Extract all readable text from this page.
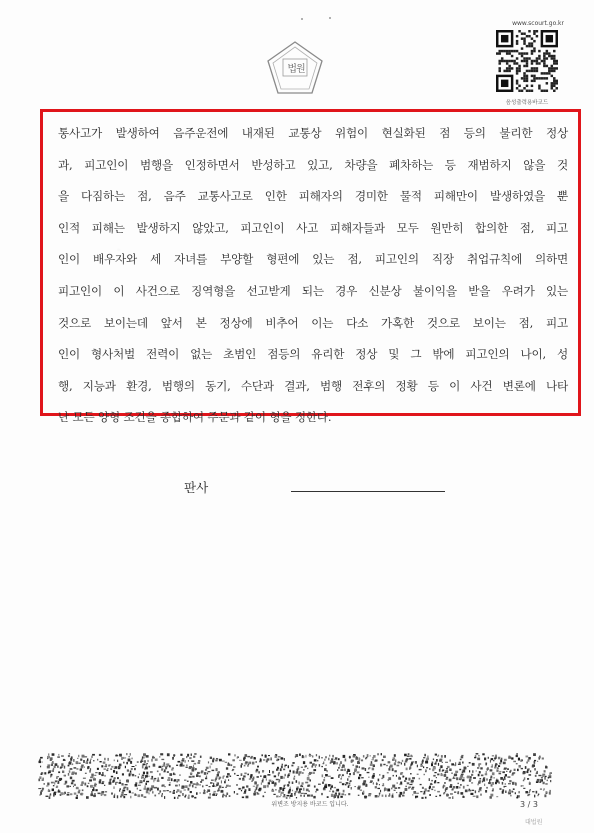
법원
www.scourt.go.kr
음성출력용바코드
통사고가 발생하여 음주운전에 내재된 교통상 위험이 현실화된 점 등의 불리한 정상
과, 피고인이 범행을 인정하면서 반성하고 있고, 차량을 폐차하는 등 재범하지 않을 것
을 다짐하는 점, 음주 교통사고로 인한 피해자의 경미한 물적 피해만이 발생하였을 뿐
인적 피해는 발생하지 않았고, 피고인이 사고 피해자들과 모두 원만히 합의한 점, 피고
인이 배우자와 세 자녀를 부양할 형편에 있는 점, 피고인의 직장 취업규칙에 의하면
피고인이 이 사건으로 징역형을 선고받게 되는 경우 신분상 불이익을 받을 우려가 있는
것으로 보이는데 앞서 본 정상에 비추어 이는 다소 가혹한 것으로 보이는 점, 피고
인이 형사처벌 전력이 없는 초범인 점등의 유리한 정상 및 그 밖에 피고인의 나이, 성
행, 지능과 환경, 범행의 동기, 수단과 결과, 범행 전후의 정황 등 이 사건 변론에 나타
난 모든 양형 조건을 종합하여 주문과 같이 형을 정한다.
판사
위변조 방지용 바코드 입니다.	3 / 3
대법원
